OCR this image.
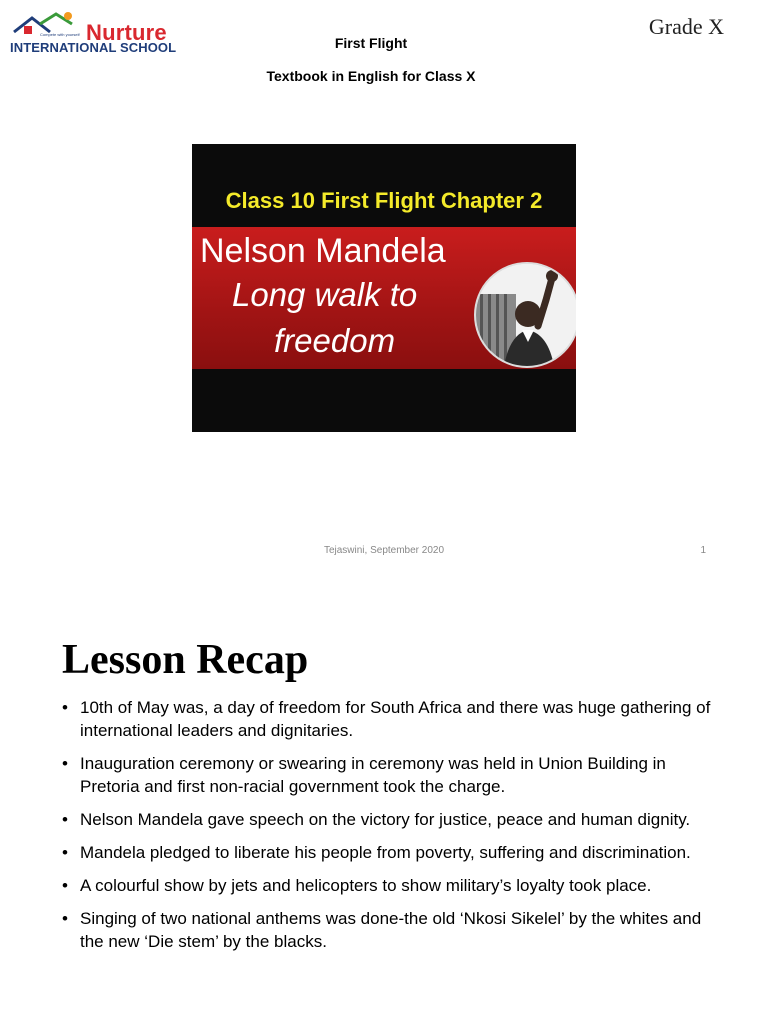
Compete with yourself Nurture
INTERNATIONAL SCHOOL
Grade X
First Flight
Textbook in English for Class X
Class 10 First Flight Chapter 2
Nelson Mandela
Long walk to
freedom
Tejaswini, September 2020	1
Lesson Recap
• 10th of May was, a day of freedom for South Africa and there was huge gathering of international leaders and dignitaries.
• Inauguration ceremony or swearing in ceremony was held in Union Building in Pretoria and first non-racial government took the charge.
• Nelson Mandela gave speech on the victory for justice, peace and human dignity.
• Mandela pledged to liberate his people from poverty, suffering and discrimination.
• A colourful show by jets and helicopters to show military’s loyalty took place.
• Singing of two national anthems was done-the old ‘Nkosi Sikelel’ by the whites and the new ‘Die stem’ by the blacks.
